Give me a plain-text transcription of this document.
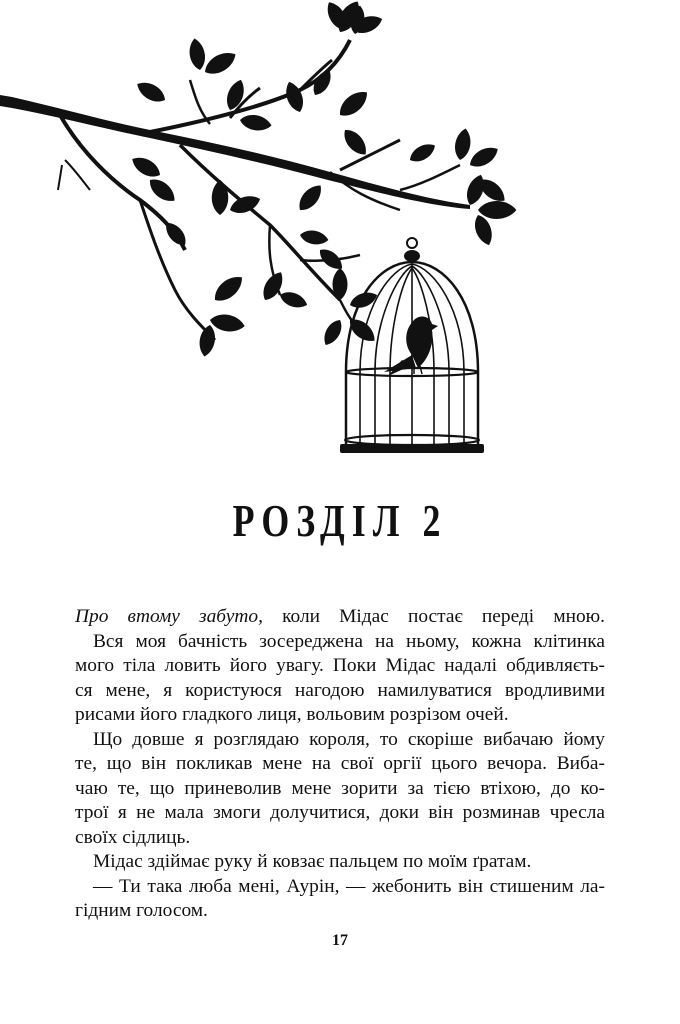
РОЗДІЛ 2
Про втому забуто, коли Мідас постає переді мною.
Вся моя бачність зосереджена на ньому, кожна клітинка
мого тіла ловить його увагу. Поки Мідас надалі обдивляєть-
ся мене, я користуюся нагодою намилуватися вродливими
рисами його гладкого лиця, вольовим розрізом очей.
Що довше я розглядаю короля, то скоріше вибачаю йому
те, що він покликав мене на свої оргії цього вечора. Виба-
чаю те, що приневолив мене зорити за тією втіхою, до ко-
трої я не мала змоги долучитися, доки він розминав чресла
своїх сідлиць.
Мідас здіймає руку й ковзає пальцем по моїм ґратам.
— Ти така люба мені, Аурін, — жебонить він стишеним ла-
гідним голосом.
17
